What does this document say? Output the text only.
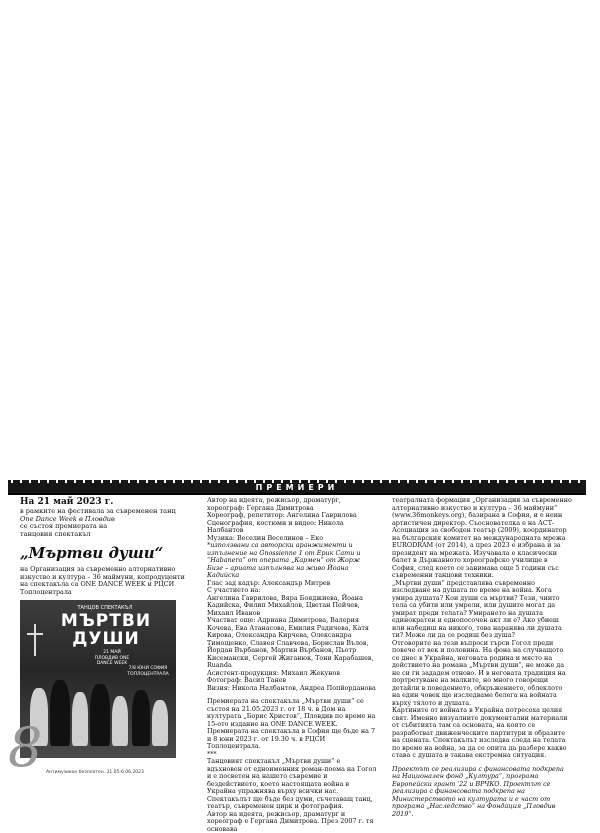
ПРЕМИЕРИ
На 21 май 2023 г.
в рамките на фестивала за съвременен танц
One Dance Week в Пловдив
се състоя премиерата на
танцовия спектакъл
„Мъртви души“

на Организация за съвременно алтернативно изкуство и култура – 36 маймуни, копродуценти на спектакъла са ONE DANCE WEEK и РЦСИ Топлоцентрала

ТАНЦОВ СПЕКТАКЪЛ
МЪРТВИ ДУШИ
21 МАЙ ПЛОВДИВ ONE DANCE WEEK
7/8 ЮНИ СОФИЯ ТОПЛОЦЕНТРАЛА

Автор на идеята, режисьор, драматург, хореограф: Гергана Димитрова

Хореограф, репетитор: Ангелина Гаврилова

Сценография, костюми и видео: Никола Налбантов

Музика: Веселин Веселинов – Еко

*използвани са авторски аранжименти и изпълнение на Gnossienne 1 от Ерик Сати и “Habanera” от операта „Кармен“ от Жорж Бизе – ариата изпълнява на живо Йоана Кадийска

Глас зад кадър: Александър Митрев

С участието на:

Ангелина Гаврилова, Вяра Бояджиева, Йоана Кадийска, Филип Михайлов, Цветан Пейчев, Михаил Иванов

Участват още: Адриана Димитрова, Валерия Кочева, Ева Атанасова, Емилия Радичева, Катя Кирова, Олександра Кирчева, Олександра Тимощенко, Славея Славчева, Борислав Вълов, Йордан Върбанов, Мартин Върбанов, Пьотр Кисемански, Сергей Жиганюк, Тони Карабашев, Ruanda

Асистент-продукция: Михаил Жекунов

Фотограф: Васил Танев

Визия: Никола Налбантов, Андреа Попйорданова

Премиерата на спектакъла „Мъртви души“ се състоя на 21.05.2023 г. от 18 ч. в Дом на културата „Борис Христов“, Пловдив по време на 15-ото издание на ONE DANCE WEEK.

Премиерата на спектакъла в София ще бъде на 7 и 8 юни 2023 г. от 19.30 ч. в РЦСИ Топлоцентрала.

***

Танцовият спектакъл „Мъртви души“ е вдъхновен от едноименния роман-поема на Гогол и е посветен на нашето съвремие и бездействието, което настоящата война в Украйна упражнява върху всички нас. Спектакълът ще бъде без думи, съчетаващ танц, театър, съвременен цирк и фотография.

Автор на идеята, режисьор, драматург и хореограф е Гергана Димитрова. През 2007 г. тя основава

театралната формация „Организация за съвременно алтернативно изкуство и култура – 36 маймуни“ (www.36monkeys.org), базирана в София, и е неин артистичен директор. Съоснователка е на АСТ-Асоциация за свободен театър (2009), координатор на българския комитет на международната мрежа EURODRAM (от 2014), а през 2023 е избрана и за президент на мрежата. Изучавала е класически балет в Държавното хореографско училище в София, след което се занимава още 5 години със съвременни танцови техники.

„Мъртви души“ представлява съвременно изследване на душата по време на война. Кога умира душата? Кои души са мъртви? Тези, чиито тела са убити или умрели, или душите могат да умират преди телата? Умирането на душата единократен и еднопосочен акт ли е? Ако убиеш или набедиш на никого, това наранява ли душата ти? Може ли да се родиш без душа?

Отговорите на тези въпроси търси Гогол преди повече от век и половина. На фона на случващото се днес в Украйна, неговата родина и място на действието на романа „Мъртви души“, не може да не си ги зададем отново. И в неговата традиция на портретуване на малките, но много говорещи детайли в поведението, обкръжението, облеклото на един човек ще изследваме белега на войната върху тялото и душата.

Картините от войната в Украйна потресоха целия свят. Именно визуалните документални материали от събитията там са основата, на която се разработват движенческите партитури и образите на сцената. Спектакълът изследва следа на телата по време на война, за да се опита да разбере какво става с душата в такава екстремна ситуация.

Проектът се реализира с финансовата подкрепа на Национален фонд „Култура“, програма Европейски грант '22 и ВРЧКО. Проектът се реализира с финансовата подкрепа на Министерството на културата и е част от програма „Наследство“ на Фондация „Пловдив 2019“.

8 Антимузикон безплатен. 31.05-6.06.2023
